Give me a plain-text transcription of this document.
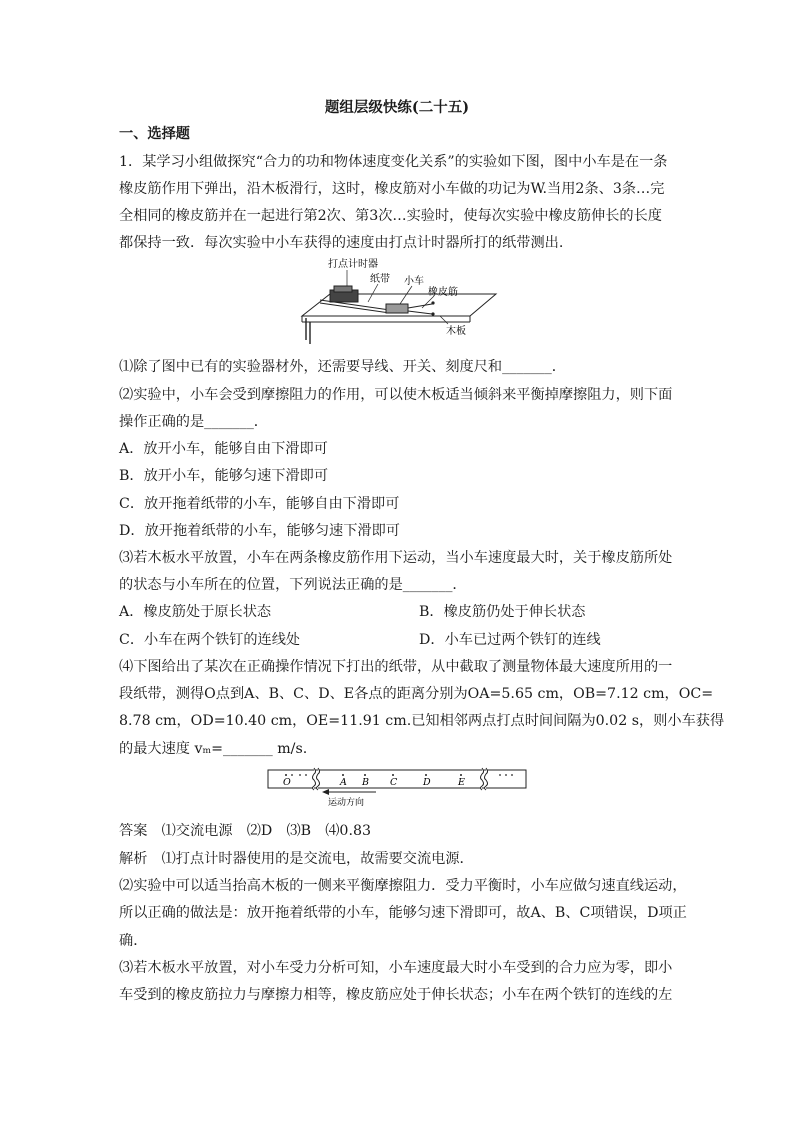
题组层级快练(二十五)
一、选择题
1．某学习小组做探究“合力的功和物体速度变化关系”的实验如下图，图中小车是在一条
橡皮筋作用下弹出，沿木板滑行，这时，橡皮筋对小车做的功记为W.当用2条、3条…完
全相同的橡皮筋并在一起进行第2次、第3次…实验时，使每次实验中橡皮筋伸长的长度
都保持一致．每次实验中小车获得的速度由打点计时器所打的纸带测出.
打点计时器
纸带 小车
橡皮筋
木板
⑴除了图中已有的实验器材外，还需要导线、开关、刻度尺和_______．
⑵实验中，小车会受到摩擦阻力的作用，可以使木板适当倾斜来平衡掉摩擦阻力，则下面
操作正确的是_______．
A．放开小车，能够自由下滑即可
B．放开小车，能够匀速下滑即可
C．放开拖着纸带的小车，能够自由下滑即可
D．放开拖着纸带的小车，能够匀速下滑即可
⑶若木板水平放置，小车在两条橡皮筋作用下运动，当小车速度最大时，关于橡皮筋所处
的状态与小车所在的位置，下列说法正确的是_______．
A．橡皮筋处于原长状态	B．橡皮筋仍处于伸长状态
C．小车在两个铁钉的连线处	D．小车已过两个铁钉的连线
⑷下图给出了某次在正确操作情况下打出的纸带，从中截取了测量物体最大速度所用的一
段纸带，测得O点到A、B、C、D、E各点的距离分别为OA=5.65 cm，OB=7.12 cm，OC=
8.78 cm，OD=10.40 cm，OE=11.91 cm.已知相邻两点打点时间间隔为0.02 s，则小车获得
的最大速度 vₘ=_______ m/s.
O	A B C	D	E
运动方向
答案　⑴交流电源　⑵D　⑶B　⑷0.83
解析　⑴打点计时器使用的是交流电，故需要交流电源．
⑵实验中可以适当抬高木板的一侧来平衡摩擦阻力．受力平衡时，小车应做匀速直线运动，
所以正确的做法是：放开拖着纸带的小车，能够匀速下滑即可，故A、B、C项错误，D项正
确．
⑶若木板水平放置，对小车受力分析可知，小车速度最大时小车受到的合力应为零，即小
车受到的橡皮筋拉力与摩擦力相等，橡皮筋应处于伸长状态；小车在两个铁钉的连线的左
